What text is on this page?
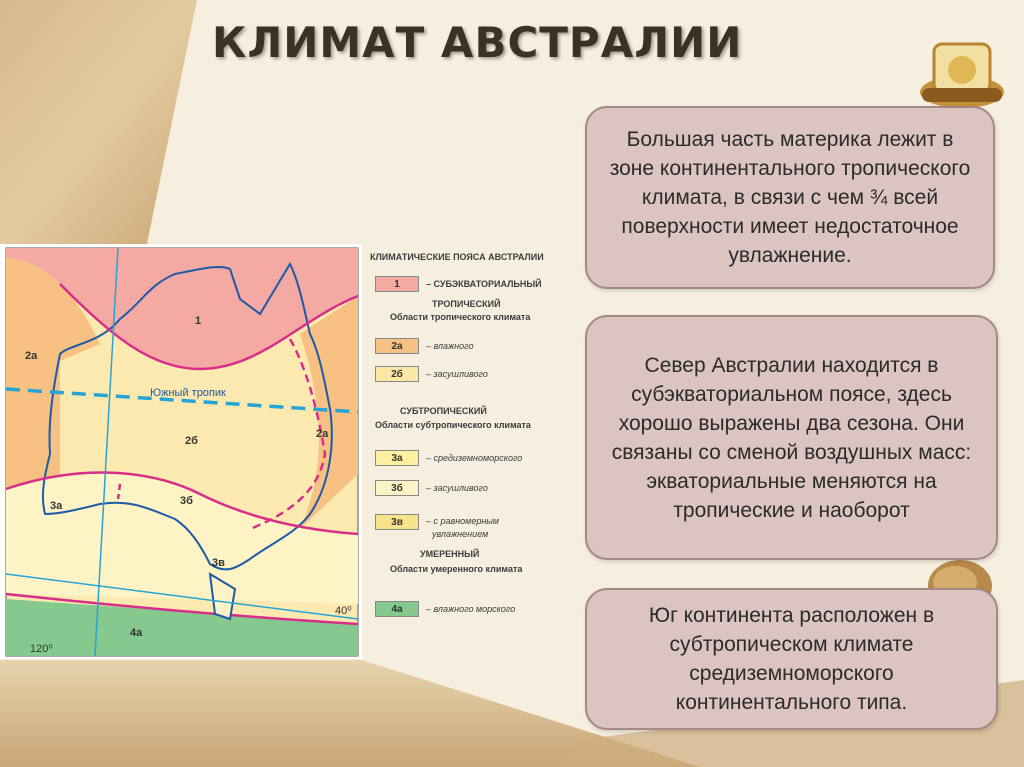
КЛИМАТ АВСТРАЛИИ
Большая часть материка лежит в зоне континентального тропического климата, в связи с чем ¾ всей поверхности имеет недостаточное увлажнение.
Север Австралии находится в субэкваториальном поясе, здесь хорошо выражены два сезона. Они связаны со сменой воздушных масс: экваториальные меняются на тропические и наоборот
Юг континента расположен в субтропическом климате средиземноморского континентального типа.
1
2а
2а
2б
3а	3б
3в
4а
Южный тропик
120⁰
40⁰
КЛИМАТИЧЕСКИЕ ПОЯСА АВСТРАЛИИ
1	– СУБЭКВАТОРИАЛЬНЫЙ
ТРОПИЧЕСКИЙ
Области тропического климата
2а	– влажного
2б	– засушливого
СУБТРОПИЧЕСКИЙ
Области субтропического климата
3а	– средиземноморского
3б	– засушливого
3в	– с равномерным
увлажнением
УМЕРЕННЫЙ
Области умеренного климата
4а	– влажного морского
